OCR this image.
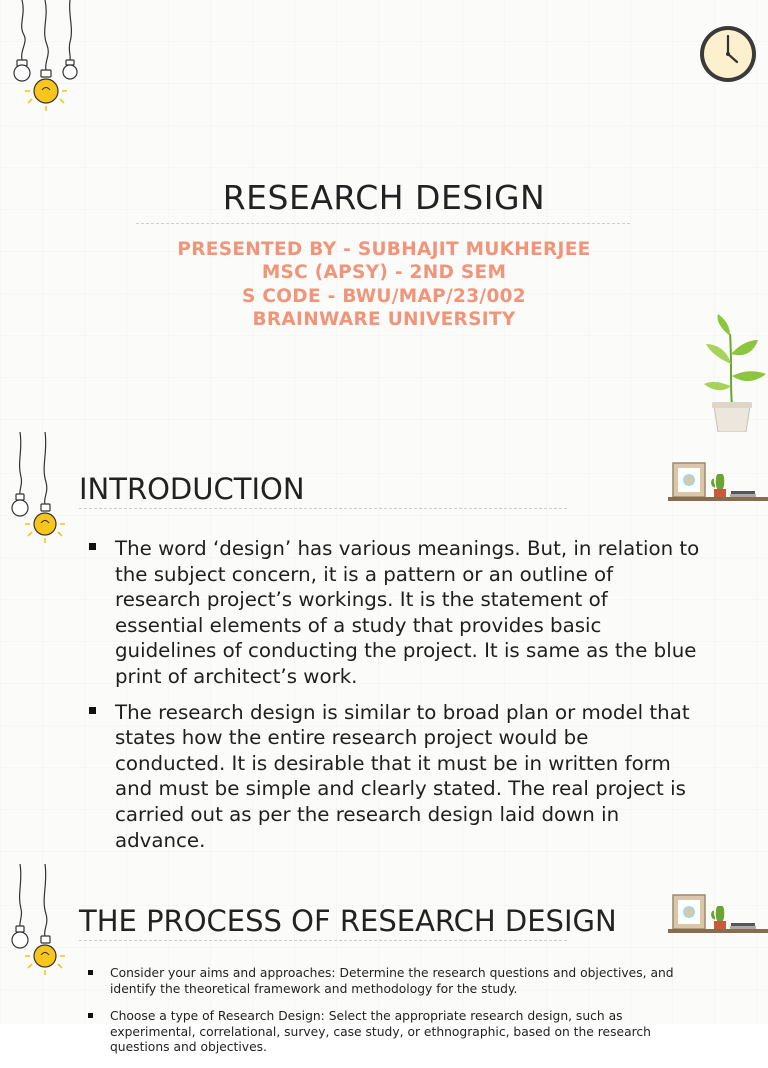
RESEARCH DESIGN
PRESENTED BY - SUBHAJIT MUKHERJEE
MSC (APSY) - 2ND SEM
S CODE - BWU/MAP/23/002
BRAINWARE UNIVERSITY
INTRODUCTION
The word ‘design’ has various meanings. But, in relation to the subject concern, it is a pattern or an outline of research project’s workings. It is the statement of essential elements of a study that provides basic guidelines of conducting the project. It is same as the blue print of architect’s work.
The research design is similar to broad plan or model that states how the entire research project would be conducted. It is desirable that it must be in written form and must be simple and clearly stated. The real project is carried out as per the research design laid down in advance.
THE PROCESS OF RESEARCH DESIGN
Consider your aims and approaches: Determine the research questions and objectives, and identify the theoretical framework and methodology for the study.
Choose a type of Research Design: Select the appropriate research design, such as experimental, correlational, survey, case study, or ethnographic, based on the research questions and objectives.
